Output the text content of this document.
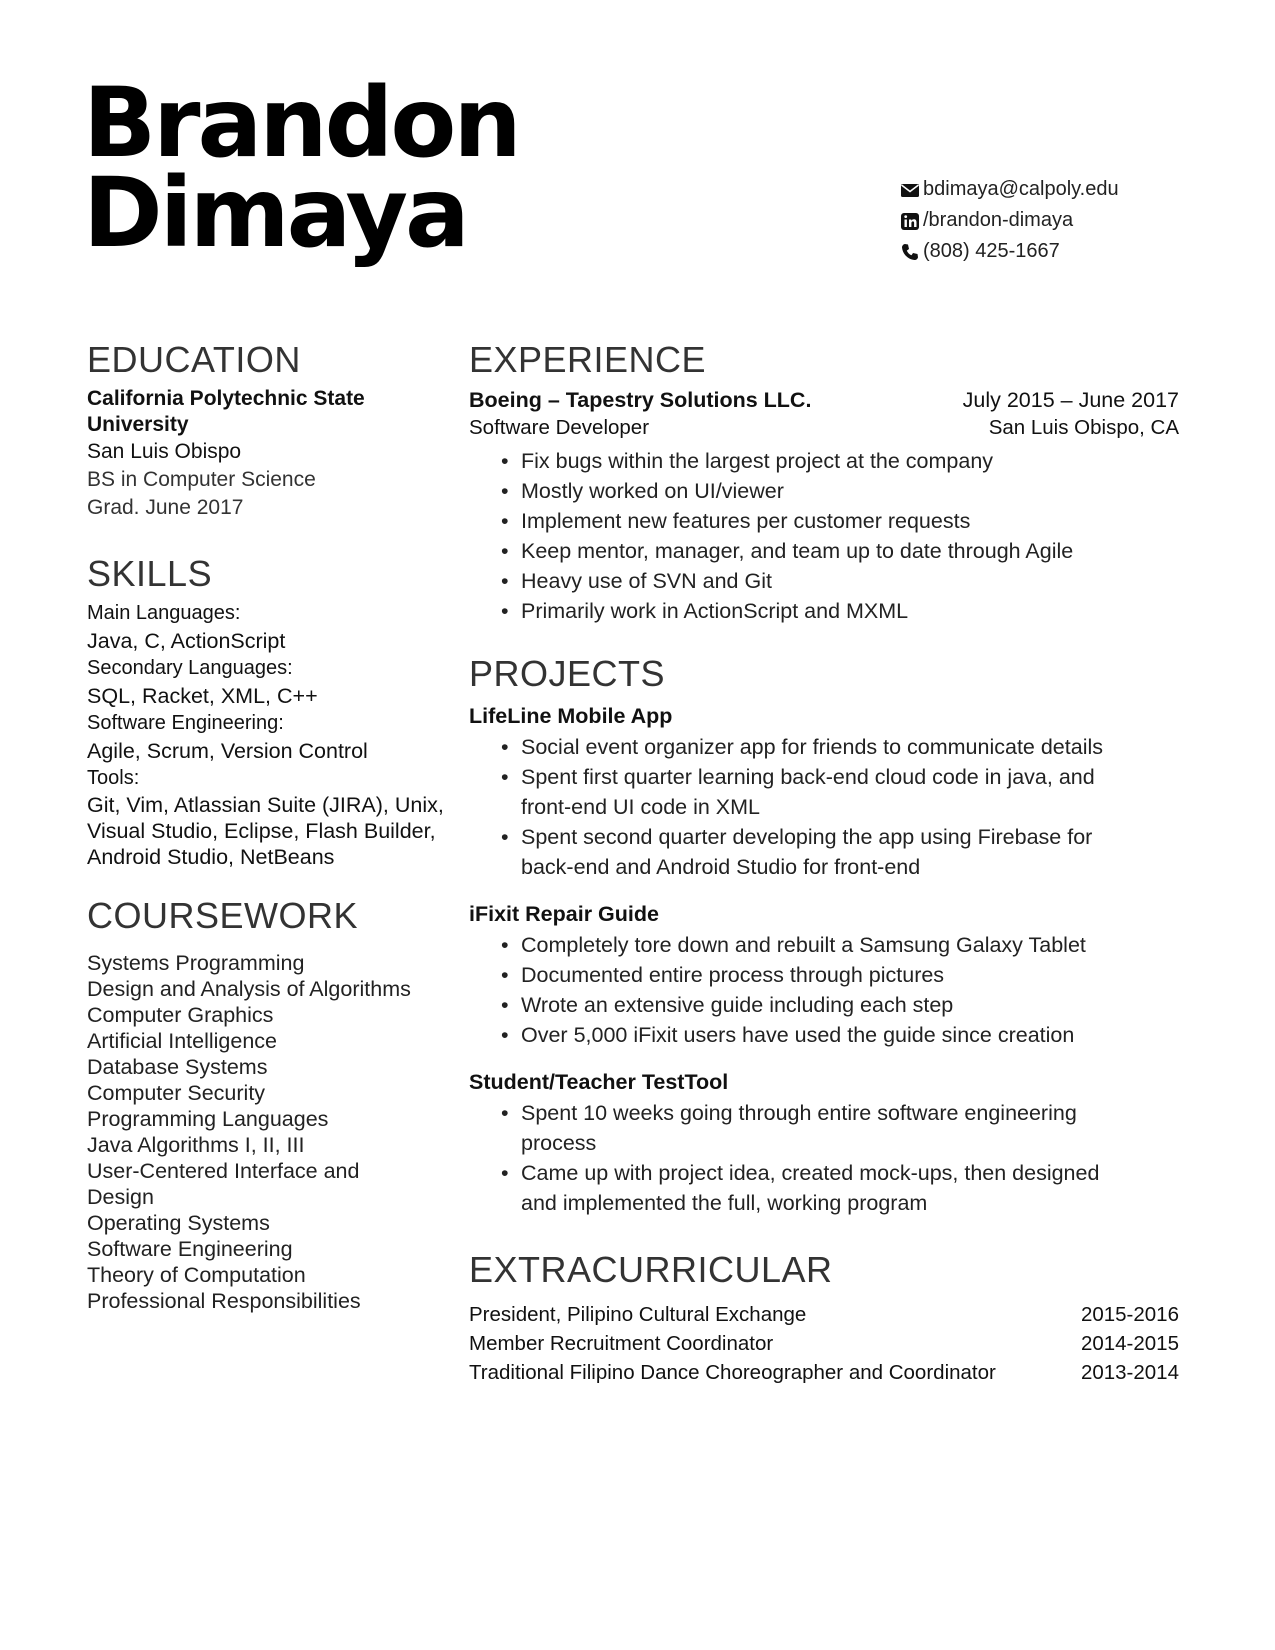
Brandon
Dimaya	bdimaya@calpoly.edu
/brandon-dimaya
(808) 425-1667
EDUCATION
California Polytechnic State
University
San Luis Obispo
BS in Computer Science
Grad. June 2017
SKILLS
Main Languages:
Java, C, ActionScript
Secondary Languages:
SQL, Racket, XML, C++
Software Engineering:
Agile, Scrum, Version Control
Tools:
Git, Vim, Atlassian Suite (JIRA), Unix,
Visual Studio, Eclipse, Flash Builder,
Android Studio, NetBeans
COURSEWORK
Systems Programming
Design and Analysis of Algorithms
Computer Graphics
Artificial Intelligence
Database Systems
Computer Security
Programming Languages
Java Algorithms I, II, III
User-Centered Interface and
Design
Operating Systems
Software Engineering
Theory of Computation
Professional Responsibilities
EXPERIENCE
Boeing – Tapestry Solutions LLC.	July 2015 – June 2017
Software Developer	San Luis Obispo, CA
• Fix bugs within the largest project at the company
• Mostly worked on UI/viewer
• Implement new features per customer requests
• Keep mentor, manager, and team up to date through Agile
• Heavy use of SVN and Git
• Primarily work in ActionScript and MXML
PROJECTS
LifeLine Mobile App
• Social event organizer app for friends to communicate details
• Spent first quarter learning back-end cloud code in java, and
front-end UI code in XML
• Spent second quarter developing the app using Firebase for
back-end and Android Studio for front-end
iFixit Repair Guide
• Completely tore down and rebuilt a Samsung Galaxy Tablet
• Documented entire process through pictures
• Wrote an extensive guide including each step
• Over 5,000 iFixit users have used the guide since creation
Student/Teacher TestTool
• Spent 10 weeks going through entire software engineering
process
• Came up with project idea, created mock-ups, then designed
and implemented the full, working program
EXTRACURRICULAR
President, Pilipino Cultural Exchange	2015-2016
Member Recruitment Coordinator	2014-2015
Traditional Filipino Dance Choreographer and Coordinator	2013-2014
